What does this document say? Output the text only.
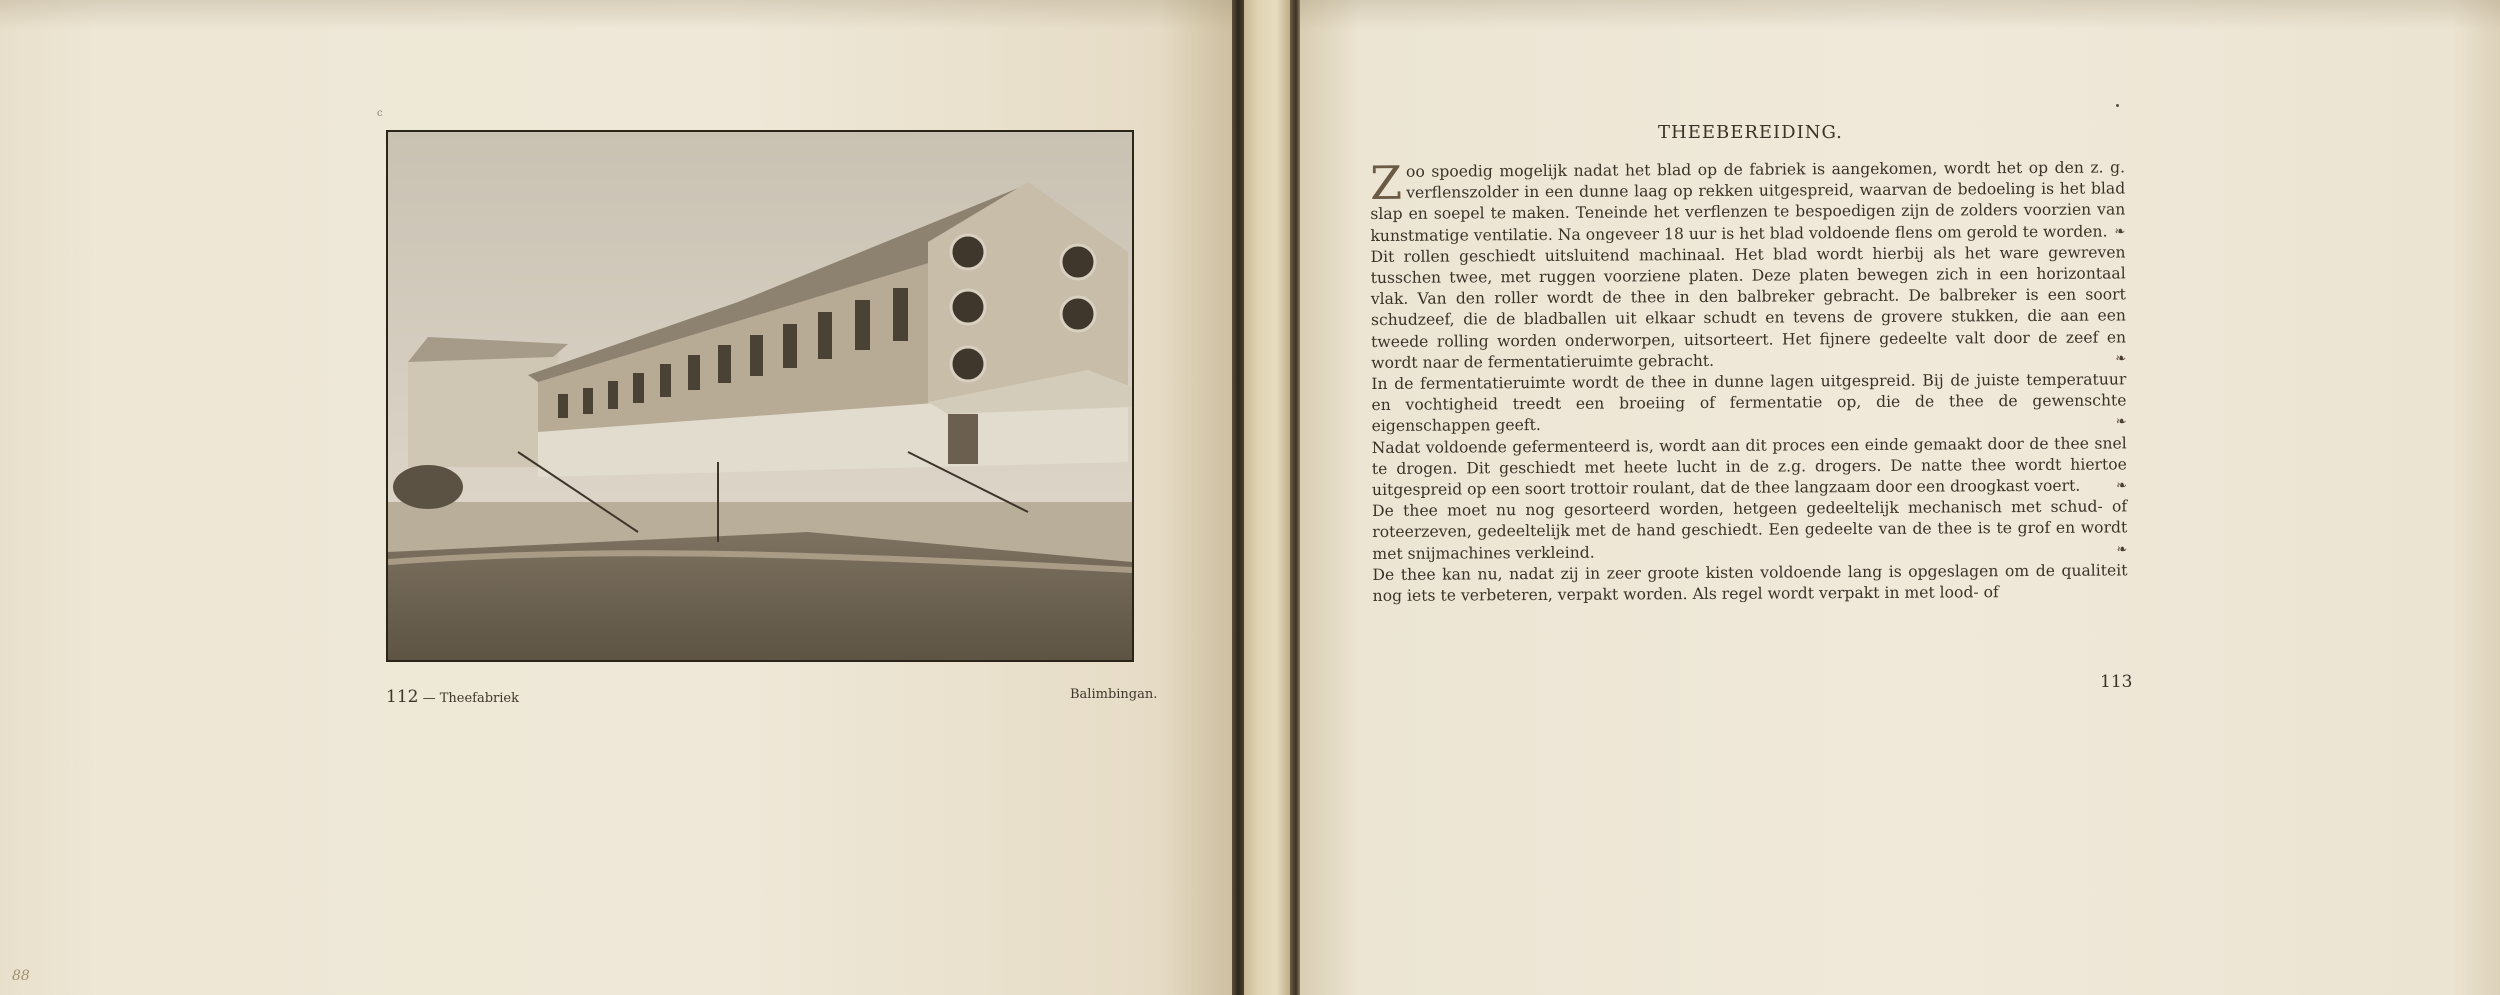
c
112 — Theefabriek	Balimbingan.
88
THEEBEREIDING.

Z oo spoedig mogelijk nadat het blad op de fabriek is aangekomen, wordt het op den z. g. verflenszolder in een dunne laag op rekken uitgespreid, waarvan de bedoeling is het blad slap en soepel te maken. Teneinde het verflenzen te bespoedigen zijn de zolders voorzien van kunstmatige ventilatie. Na ongeveer 18 uur is het blad voldoende flens om gerold te worden. ❧

Dit rollen geschiedt uitsluitend machinaal. Het blad wordt hierbij als het ware gewreven tusschen twee, met ruggen voorziene platen. Deze platen bewegen zich in een horizontaal vlak. Van den roller wordt de thee in den balbreker gebracht. De balbreker is een soort schudzeef, die de bladballen uit elkaar schudt en tevens de grovere stukken, die aan een tweede rolling worden onderworpen, uitsorteert. Het fijnere gedeelte valt door de zeef en wordt naar de fermentatieruimte gebracht.	❧

In de fermentatieruimte wordt de thee in dunne lagen uitgespreid. Bij de juiste temperatuur en vochtigheid treedt een broeiing of fermentatie op, die de thee de gewenschte eigenschappen geeft.	❧

Nadat voldoende gefermenteerd is, wordt aan dit proces een einde gemaakt door de thee snel te drogen. Dit geschiedt met heete lucht in de z.g. drogers. De natte thee wordt hiertoe uitgespreid op een soort trottoir roulant, dat de thee langzaam door een droogkast voert.	❧

De thee moet nu nog gesorteerd worden, hetgeen gedeeltelijk mechanisch met schud- of roteerzeven, gedeeltelijk met de hand geschiedt. Een gedeelte van de thee is te grof en wordt met snijmachines verkleind.	❧

De thee kan nu, nadat zij in zeer groote kisten voldoende lang is opgeslagen om de qualiteit nog iets te verbeteren, verpakt worden. Als regel wordt verpakt in met lood- of

113
